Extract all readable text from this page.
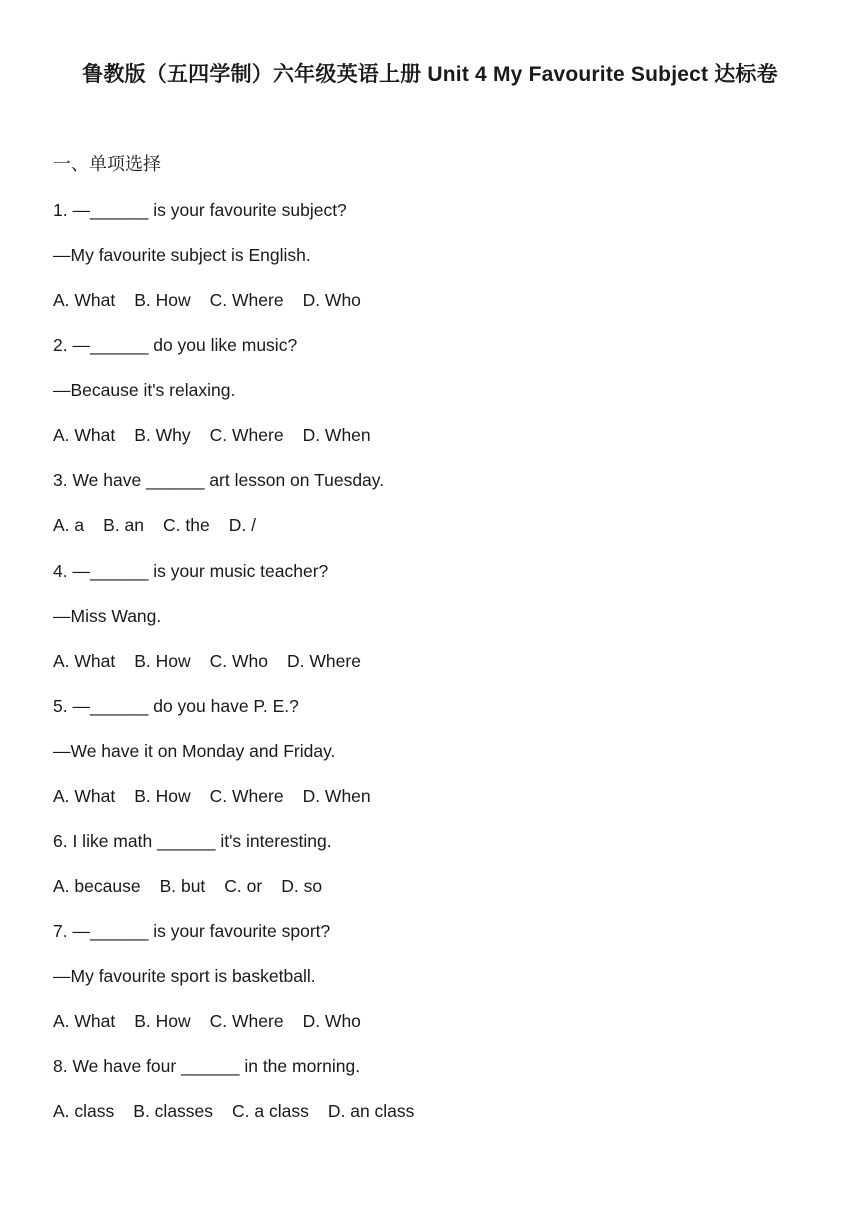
鲁教版（五四学制）六年级英语上册 Unit 4 My Favourite Subject 达标卷
一、单项选择
1. —______ is your favourite subject?
—My favourite subject is English.
A. What B. How C. Where D. Who
2. —______ do you like music?
—Because it's relaxing.
A. What B. Why C. Where D. When
3. We have ______ art lesson on Tuesday.
A. a B. an C. the D. /
4. —______ is your music teacher?
—Miss Wang.
A. What B. How C. Who D. Where
5. —______ do you have P. E.?
—We have it on Monday and Friday.
A. What B. How C. Where D. When
6. I like math ______ it's interesting.
A. because B. but C. or D. so
7. —______ is your favourite sport?
—My favourite sport is basketball.
A. What B. How C. Where D. Who
8. We have four ______ in the morning.
A. class B. classes C. a class D. an class
